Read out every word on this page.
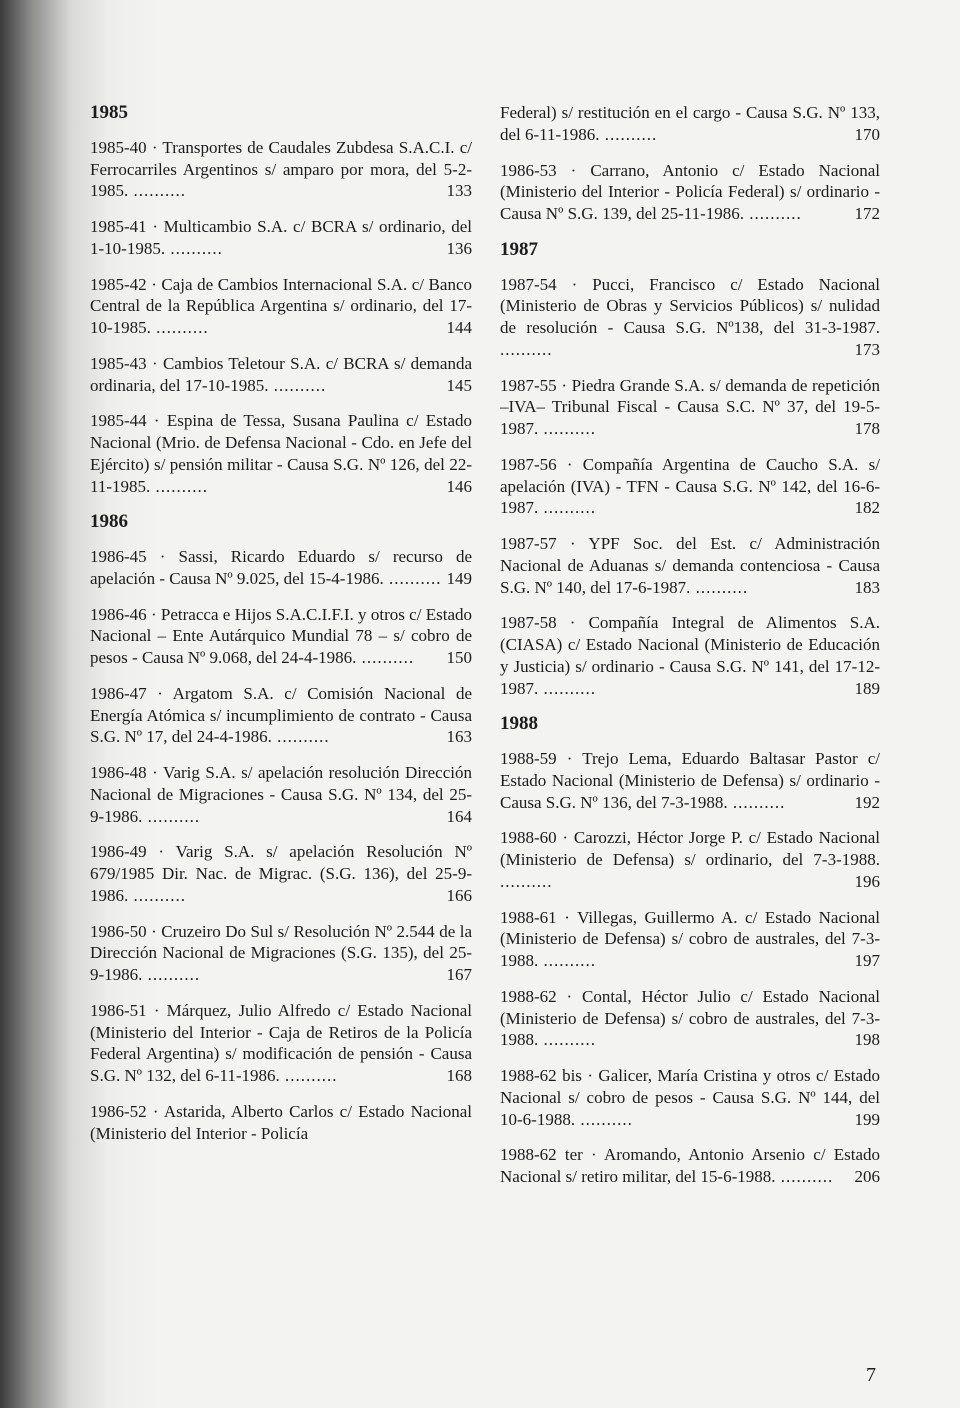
1985
1985-40 · Transportes de Caudales Zubdesa S.A.C.I. c/ Ferrocarriles Argentinos s/ amparo por mora, del 5-2-1985. ..........	133
1985-41 · Multicambio S.A. c/ BCRA s/ ordinario, del 1-10-1985. ..........	136
1985-42 · Caja de Cambios Internacional S.A. c/ Banco Central de la República Argentina s/ ordinario, del 17-10-1985. ..........	144
1985-43 · Cambios Teletour S.A. c/ BCRA s/ demanda ordinaria, del 17-10-1985. ..........	145
1985-44 · Espina de Tessa, Susana Paulina c/ Estado Nacional (Mrio. de Defensa Nacional - Cdo. en Jefe del Ejército) s/ pensión militar - Causa S.G. Nº 126, del 22-11-1985. ..........	146
1986
1986-45 · Sassi, Ricardo Eduardo s/ recurso de apelación - Causa Nº 9.025, del 15-4-1986. .......... 149
1986-46 · Petracca e Hijos S.A.C.I.F.I. y otros c/ Estado Nacional – Ente Autárquico Mundial 78 – s/ cobro de pesos - Causa Nº 9.068, del 24-4-1986. .......... 150
1986-47 · Argatom S.A. c/ Comisión Nacional de Energía Atómica s/ incumplimiento de contrato - Causa S.G. Nº 17, del 24-4-1986. ..........	163
1986-48 · Varig S.A. s/ apelación resolución Dirección Nacional de Migraciones - Causa S.G. Nº 134, del 25-9-1986. ..........	164
1986-49 · Varig S.A. s/ apelación Resolución Nº 679/1985 Dir. Nac. de Migrac. (S.G. 136), del 25-9-1986. ..........	166
1986-50 · Cruzeiro Do Sul s/ Resolución Nº 2.544 de la Dirección Nacional de Migraciones (S.G. 135), del 25-9-1986. ..........	167
1986-51 · Márquez, Julio Alfredo c/ Estado Nacional (Ministerio del Interior - Caja de Retiros de la Policía Federal Argentina) s/ modificación de pensión - Causa S.G. Nº 132, del 6-11-1986. ..........	168
1986-52 · Astarida, Alberto Carlos c/ Estado Nacional (Ministerio del Interior - Policía
Federal) s/ restitución en el cargo - Causa S.G. Nº 133, del 6-11-1986. ..........	170
1986-53 · Carrano, Antonio c/ Estado Nacional (Ministerio del Interior - Policía Federal) s/ ordinario - Causa Nº S.G. 139, del 25-11-1986. ..........	172
1987
1987-54 · Pucci, Francisco c/ Estado Nacional (Ministerio de Obras y Servicios Públicos) s/ nulidad de resolución - Causa S.G. Nº138, del 31-3-1987. ..........	173
1987-55 · Piedra Grande S.A. s/ demanda de repetición –IVA– Tribunal Fiscal - Causa S.C. Nº 37, del 19-5-1987. ..........	178
1987-56 · Compañía Argentina de Caucho S.A. s/ apelación (IVA) - TFN - Causa S.G. Nº 142, del 16-6-1987. ..........	182
1987-57 · YPF Soc. del Est. c/ Administración Nacional de Aduanas s/ demanda contenciosa - Causa S.G. Nº 140, del 17-6-1987. ..........	183
1987-58 · Compañía Integral de Alimentos S.A. (CIASA) c/ Estado Nacional (Ministerio de Educación y Justicia) s/ ordinario - Causa S.G. Nº 141, del 17-12-1987. ..........	189
1988
1988-59 · Trejo Lema, Eduardo Baltasar Pastor c/ Estado Nacional (Ministerio de Defensa) s/ ordinario - Causa S.G. Nº 136, del 7-3-1988. ..........	192
1988-60 · Carozzi, Héctor Jorge P. c/ Estado Nacional (Ministerio de Defensa) s/ ordinario, del 7-3-1988. ..........	196
1988-61 · Villegas, Guillermo A. c/ Estado Nacional (Ministerio de Defensa) s/ cobro de australes, del 7-3-1988. ..........	197
1988-62 · Contal, Héctor Julio c/ Estado Nacional (Ministerio de Defensa) s/ cobro de australes, del 7-3-1988. ..........	198
1988-62 bis · Galicer, María Cristina y otros c/ Estado Nacional s/ cobro de pesos - Causa S.G. Nº 144, del 10-6-1988. ..........	199
1988-62 ter · Aromando, Antonio Arsenio c/ Estado Nacional s/ retiro militar, del 15-6-1988. .......... 206
7
